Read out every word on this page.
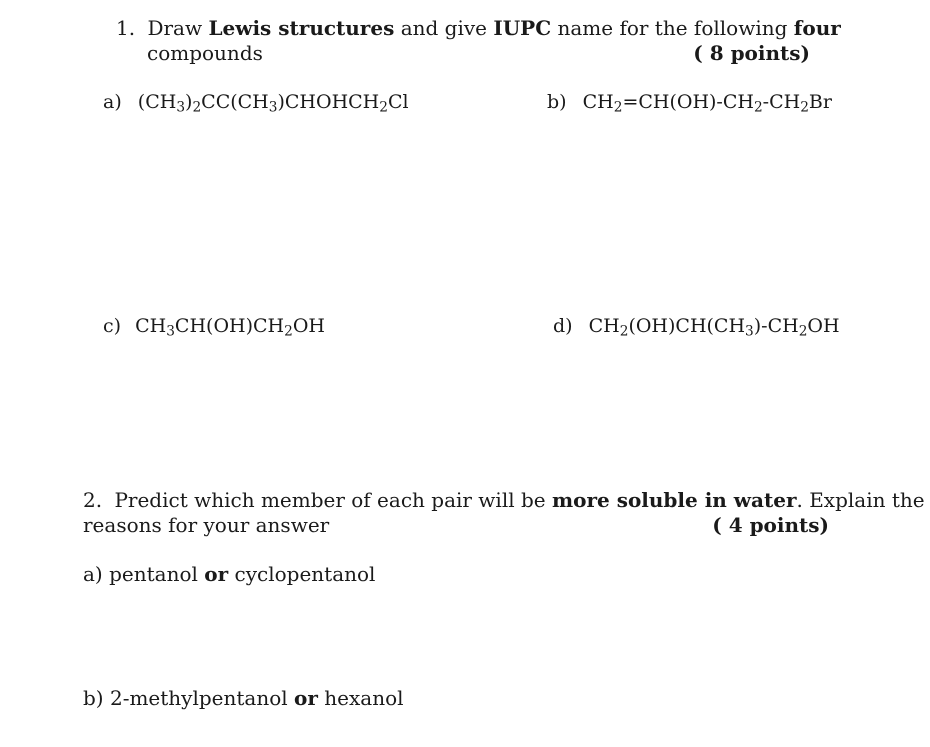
1. Draw Lewis structures and give IUPC name for the following four
compounds	( 8 points)
a) $(CH_3)_2CC(CH_3)CHOHCH_2Cl$	b) $CH_2=CH(OH)-CH_2-CH_2Br$
c) $CH_3CH(OH)CH_2OH$	d) $CH_2(OH)CH(CH_3)-CH_2OH$
2. Predict which member of each pair will be more soluble in water. Explain the
reasons for your answer	( 4 points)
a) pentanol or cyclopentanol
b) 2-methylpentanol or hexanol
